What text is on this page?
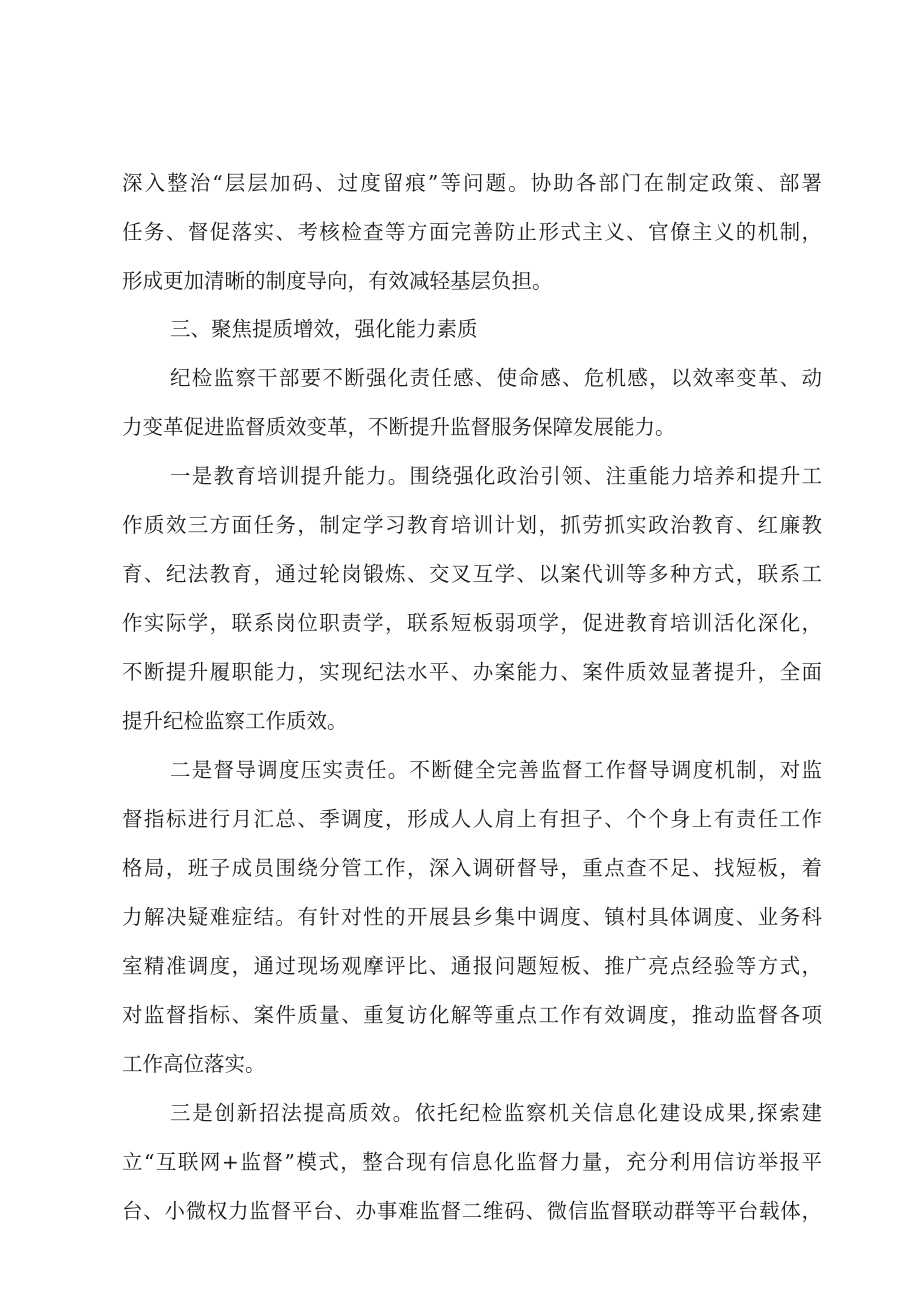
深入整治“层层加码、过度留痕”等问题。协助各部门在制定政策、部署
任务、督促落实、考核检查等方面完善防止形式主义、官僚主义的机制，
形成更加清晰的制度导向，有效减轻基层负担。
三、聚焦提质增效，强化能力素质
纪检监察干部要不断强化责任感、使命感、危机感，以效率变革、动
力变革促进监督质效变革，不断提升监督服务保障发展能力。
一是教育培训提升能力。围绕强化政治引领、注重能力培养和提升工
作质效三方面任务，制定学习教育培训计划，抓劳抓实政治教育、红廉教
育、纪法教育，通过轮岗锻炼、交叉互学、以案代训等多种方式，联系工
作实际学，联系岗位职责学，联系短板弱项学，促进教育培训活化深化，
不断提升履职能力，实现纪法水平、办案能力、案件质效显著提升，全面
提升纪检监察工作质效。
二是督导调度压实责任。不断健全完善监督工作督导调度机制，对监
督指标进行月汇总、季调度，形成人人肩上有担子、个个身上有责任工作
格局，班子成员围绕分管工作，深入调研督导，重点查不足、找短板，着
力解决疑难症结。有针对性的开展县乡集中调度、镇村具体调度、业务科
室精准调度，通过现场观摩评比、通报问题短板、推广亮点经验等方式，
对监督指标、案件质量、重复访化解等重点工作有效调度，推动监督各项
工作高位落实。
三是创新招法提高质效。依托纪检监察机关信息化建设成果,探索建
立“互联网+监督”模式，整合现有信息化监督力量，充分利用信访举报平
台、小微权力监督平台、办事难监督二维码、微信监督联动群等平台载体，
